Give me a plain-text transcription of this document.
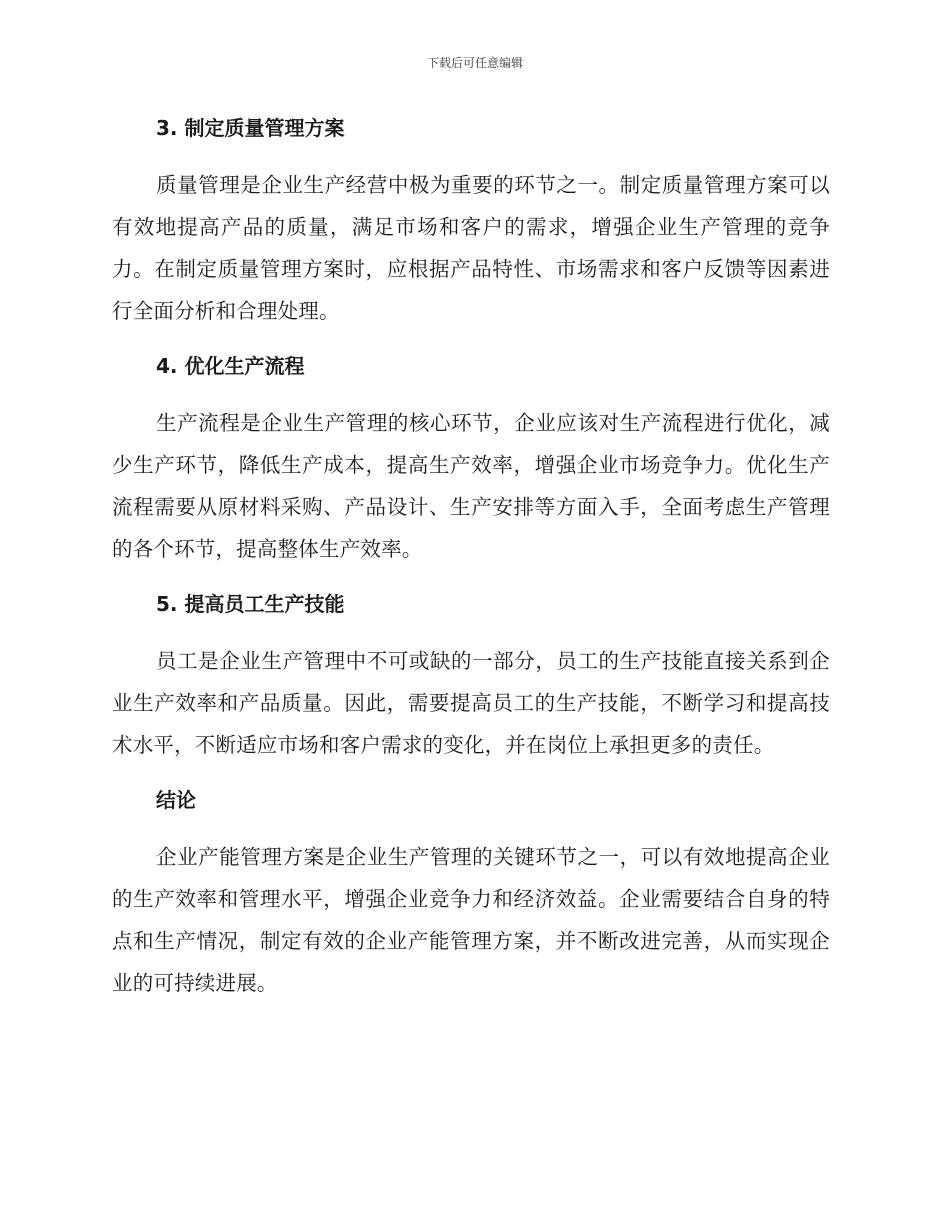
下载后可任意编辑
3. 制定质量管理方案

质量管理是企业生产经营中极为重要的环节之一。制定质量管理方案可以有效地提高产品的质量，满足市场和客户的需求，增强企业生产管理的竞争力。在制定质量管理方案时，应根据产品特性、市场需求和客户反馈等因素进行全面分析和合理处理。

4. 优化生产流程

生产流程是企业生产管理的核心环节，企业应该对生产流程进行优化，减少生产环节，降低生产成本，提高生产效率，增强企业市场竞争力。优化生产流程需要从原材料采购、产品设计、生产安排等方面入手，全面考虑生产管理的各个环节，提高整体生产效率。

5. 提高员工生产技能

员工是企业生产管理中不可或缺的一部分，员工的生产技能直接关系到企业生产效率和产品质量。因此，需要提高员工的生产技能，不断学习和提高技术水平，不断适应市场和客户需求的变化，并在岗位上承担更多的责任。

结论

企业产能管理方案是企业生产管理的关键环节之一，可以有效地提高企业的生产效率和管理水平，增强企业竞争力和经济效益。企业需要结合自身的特点和生产情况，制定有效的企业产能管理方案，并不断改进完善，从而实现企业的可持续进展。
